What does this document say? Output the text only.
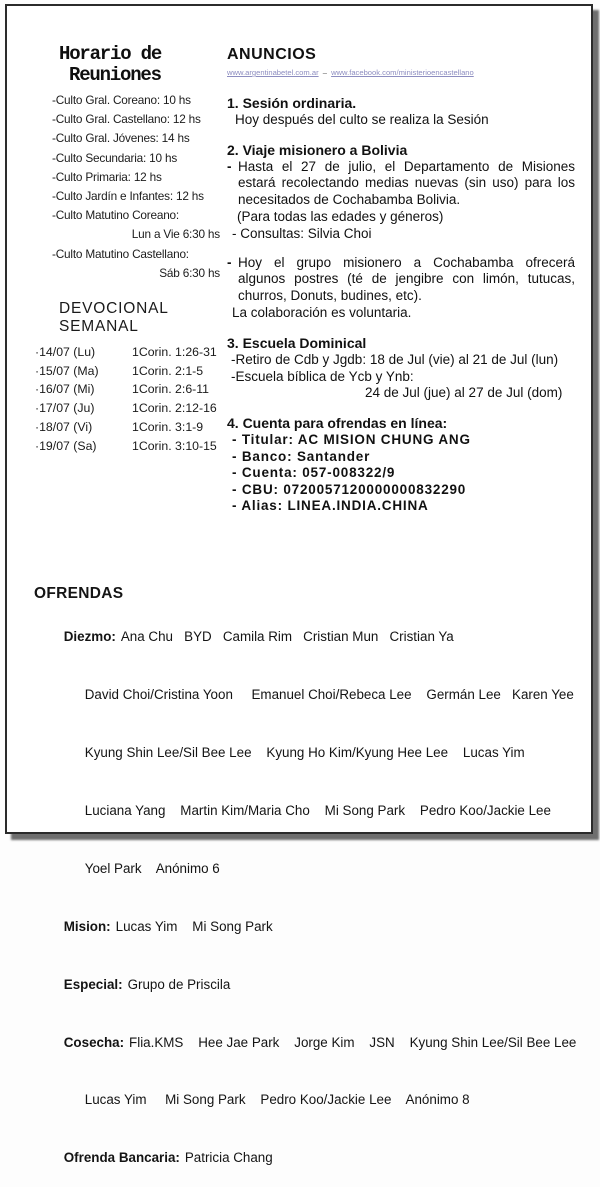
Horario de
Reuniones
-Culto Gral. Coreano: 10 hs
-Culto Gral. Castellano: 12 hs
-Culto Gral. Jóvenes: 14 hs
-Culto Secundaria: 10 hs
-Culto Primaria: 12 hs
-Culto Jardín e Infantes: 12 hs
-Culto Matutino Coreano:
Lun a Vie 6:30 hs
-Culto Matutino Castellano:
Sáb 6:30 hs
DEVOCIONAL SEMANAL
·14/07 (Lu)	1Corin. 1:26-31
·15/07 (Ma)	1Corin. 2:1-5
·16/07 (Mi)	1Corin. 2:6-11
·17/07 (Ju)	1Corin. 2:12-16
·18/07 (Vi)	1Corin. 3:1-9
·19/07 (Sa)	1Corin. 3:10-15
ANUNCIOS
www.argentinabetel.com.ar – www.facebook.com/ministerioencastellano
1. Sesión ordinaria.
Hoy después del culto se realiza la Sesión
2. Viaje misionero a Bolivia
- Hasta el 27 de julio, el Departamento de Misiones estará recolectando medias nuevas (sin uso) para los necesitados de Cochabamba Bolivia.
(Para todas las edades y géneros)
- Consultas: Silvia Choi
- Hoy el grupo misionero a Cochabamba ofrecerá algunos postres (té de jengibre con limón, tutucas, churros, Donuts, budines, etc).
La colaboración es voluntaria.
3. Escuela Dominical
-Retiro de Cdb y Jgdb: 18 de Jul (vie) al 21 de Jul (lun)
-Escuela bíblica de Ycb y Ynb:
24 de Jul (jue) al 27 de Jul (dom)
4. Cuenta para ofrendas en línea:
- Titular: AC MISION CHUNG ANG
- Banco: Santander
- Cuenta: 057-008322/9
- CBU: 0720057120000000832290
- Alias: LINEA.INDIA.CHINA
OFRENDAS

Diezmo: Ana Chu   BYD   Camila Rim   Cristian Mun   Cristian Ya

David Choi/Cristina Yoon     Emanuel Choi/Rebeca Lee    Germán Lee   Karen Yee

Kyung Shin Lee/Sil Bee Lee    Kyung Ho Kim/Kyung Hee Lee    Lucas Yim

Luciana Yang    Martin Kim/Maria Cho    Mi Song Park    Pedro Koo/Jackie Lee

Yoel Park    Anónimo 6

Mision: Lucas Yim    Mi Song Park

Especial: Grupo de Priscila

Cosecha: Flia.KMS    Hee Jae Park    Jorge Kim    JSN    Kyung Shin Lee/Sil Bee Lee

Lucas Yim     Mi Song Park    Pedro Koo/Jackie Lee    Anónimo 8

Ofrenda Bancaria: Patricia Chang
